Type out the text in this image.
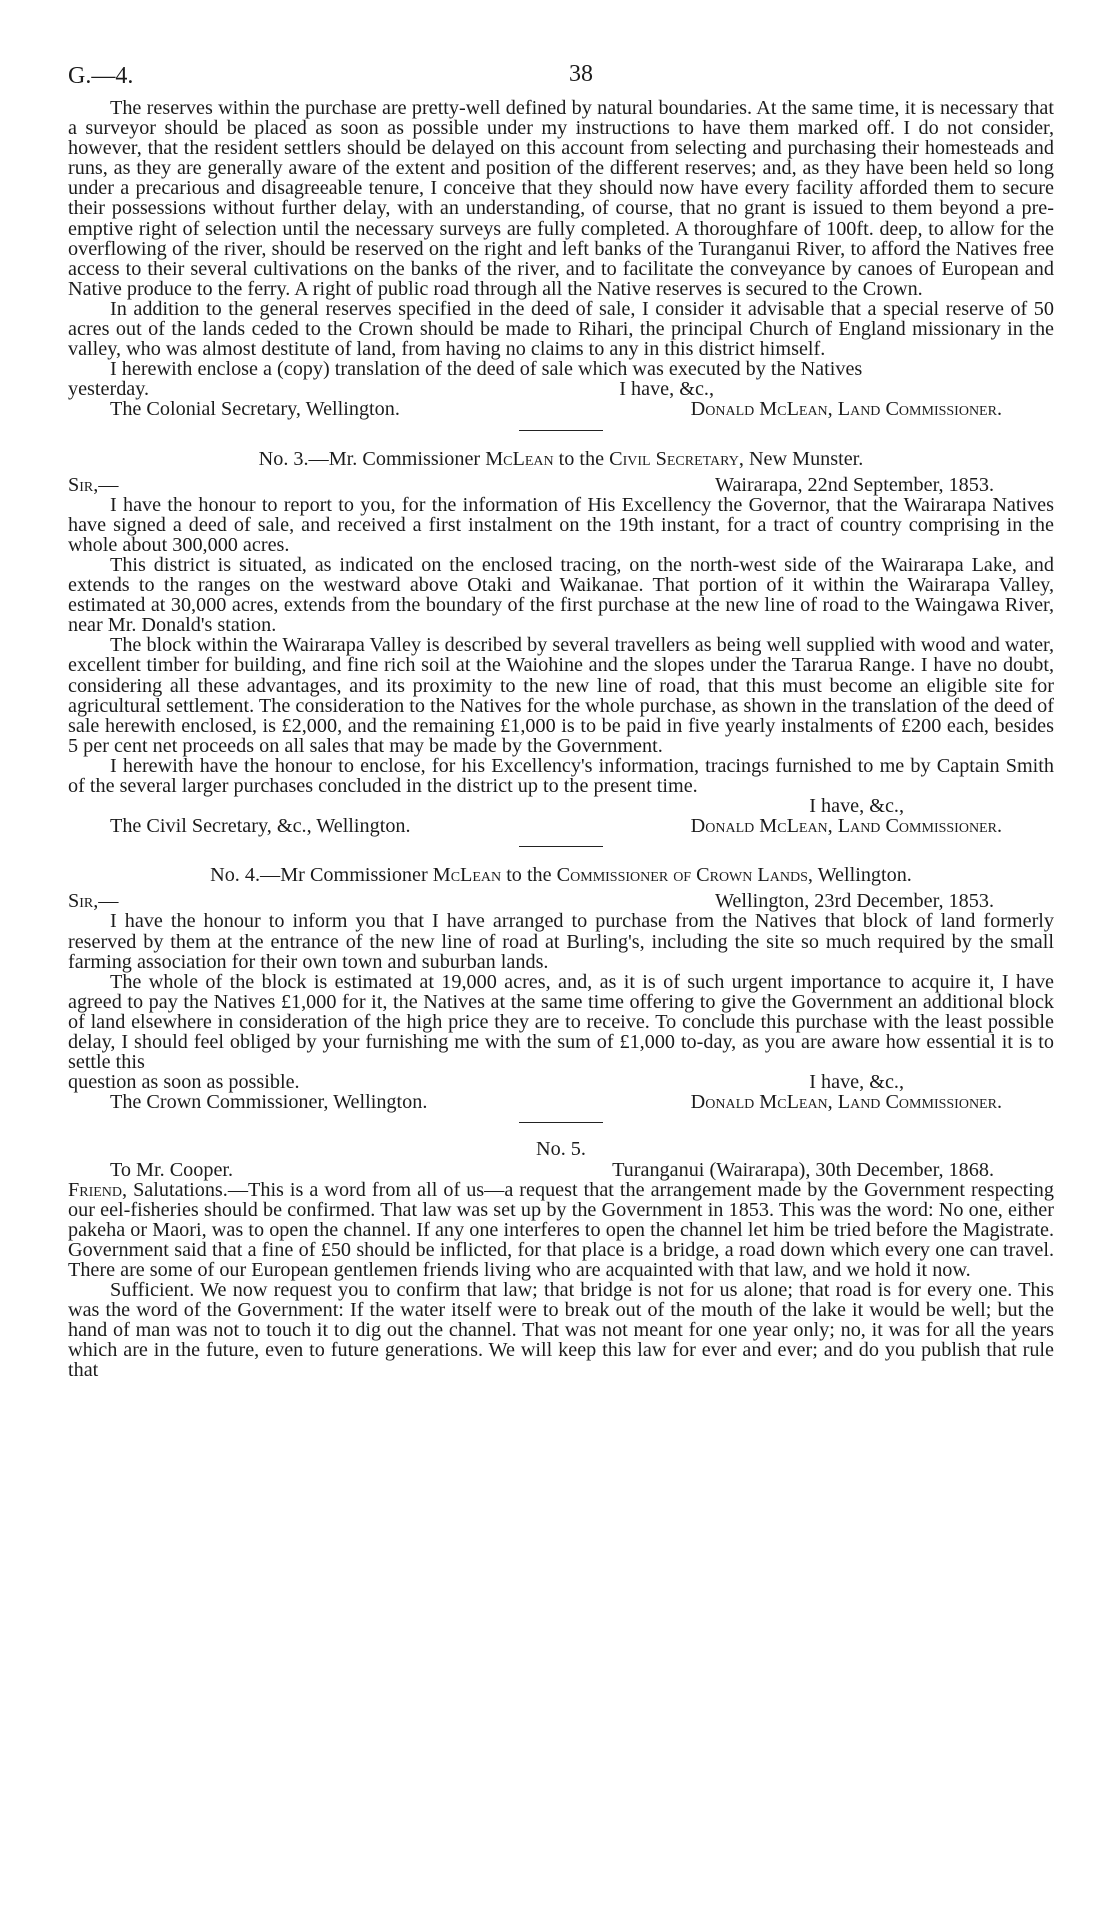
G.—4.	38

The reserves within the purchase are pretty-well defined by natural boundaries. At the same time, it is necessary that a surveyor should be placed as soon as possible under my instructions to have them marked off. I do not consider, however, that the resident settlers should be delayed on this account from selecting and purchasing their homesteads and runs, as they are generally aware of the extent and position of the different reserves; and, as they have been held so long under a precarious and disagreeable tenure, I conceive that they should now have every facility afforded them to secure their possessions without further delay, with an understanding, of course, that no grant is issued to them beyond a pre-emptive right of selection until the necessary surveys are fully completed. A thoroughfare of 100ft. deep, to allow for the overflowing of the river, should be reserved on the right and left banks of the Turanganui River, to afford the Natives free access to their several cultivations on the banks of the river, and to facilitate the conveyance by canoes of European and Native produce to the ferry. A right of public road through all the Native reserves is secured to the Crown.

In addition to the general reserves specified in the deed of sale, I consider it advisable that a special reserve of 50 acres out of the lands ceded to the Crown should be made to Rihari, the principal Church of England missionary in the valley, who was almost destitute of land, from having no claims to any in this district himself.

I herewith enclose a (copy) translation of the deed of sale which was executed by the Natives

yesterday.	I have, &c.,
The Colonial Secretary, Wellington.	Donald McLean, Land Commissioner.
No. 3.—Mr. Commissioner McLean to the Civil Secretary, New Munster.
Sir,—	Wairarapa, 22nd September, 1853.

I have the honour to report to you, for the information of His Excellency the Governor, that the Wairarapa Natives have signed a deed of sale, and received a first instalment on the 19th instant, for a tract of country comprising in the whole about 300,000 acres.

This district is situated, as indicated on the enclosed tracing, on the north-west side of the Wairarapa Lake, and extends to the ranges on the westward above Otaki and Waikanae. That portion of it within the Wairarapa Valley, estimated at 30,000 acres, extends from the boundary of the first purchase at the new line of road to the Waingawa River, near Mr. Donald's station.

The block within the Wairarapa Valley is described by several travellers as being well supplied with wood and water, excellent timber for building, and fine rich soil at the Waiohine and the slopes under the Tararua Range. I have no doubt, considering all these advantages, and its proximity to the new line of road, that this must become an eligible site for agricultural settlement. The consideration to the Natives for the whole purchase, as shown in the translation of the deed of sale herewith enclosed, is £2,000, and the remaining £1,000 is to be paid in five yearly instalments of £200 each, besides 5 per cent net proceeds on all sales that may be made by the Government.

I herewith have the honour to enclose, for his Excellency's information, tracings furnished to me by Captain Smith of the several larger purchases concluded in the district up to the present time.

I have, &c.,
The Civil Secretary, &c., Wellington.	Donald McLean, Land Commissioner.
No. 4.—Mr Commissioner McLean to the Commissioner of Crown Lands, Wellington.
Sir,—	Wellington, 23rd December, 1853.

I have the honour to inform you that I have arranged to purchase from the Natives that block of land formerly reserved by them at the entrance of the new line of road at Burling's, including the site so much required by the small farming association for their own town and suburban lands.

The whole of the block is estimated at 19,000 acres, and, as it is of such urgent importance to acquire it, I have agreed to pay the Natives £1,000 for it, the Natives at the same time offering to give the Government an additional block of land elsewhere in consideration of the high price they are to receive. To conclude this purchase with the least possible delay, I should feel obliged by your furnishing me with the sum of £1,000 to-day, as you are aware how essential it is to settle this

question as soon as possible.	I have, &c.,
The Crown Commissioner, Wellington.	Donald McLean, Land Commissioner.
No. 5.
To Mr. Cooper.	Turanganui (Wairarapa), 30th December, 1868.

Friend, Salutations.—This is a word from all of us—a request that the arrangement made by the Government respecting our eel-fisheries should be confirmed. That law was set up by the Government in 1853. This was the word: No one, either pakeha or Maori, was to open the channel. If any one interferes to open the channel let him be tried before the Magistrate. Government said that a fine of £50 should be inflicted, for that place is a bridge, a road down which every one can travel. There are some of our European gentlemen friends living who are acquainted with that law, and we hold it now.

Sufficient. We now request you to confirm that law; that bridge is not for us alone; that road is for every one. This was the word of the Government: If the water itself were to break out of the mouth of the lake it would be well; but the hand of man was not to touch it to dig out the channel. That was not meant for one year only; no, it was for all the years which are in the future, even to future generations. We will keep this law for ever and ever; and do you publish that rule that
